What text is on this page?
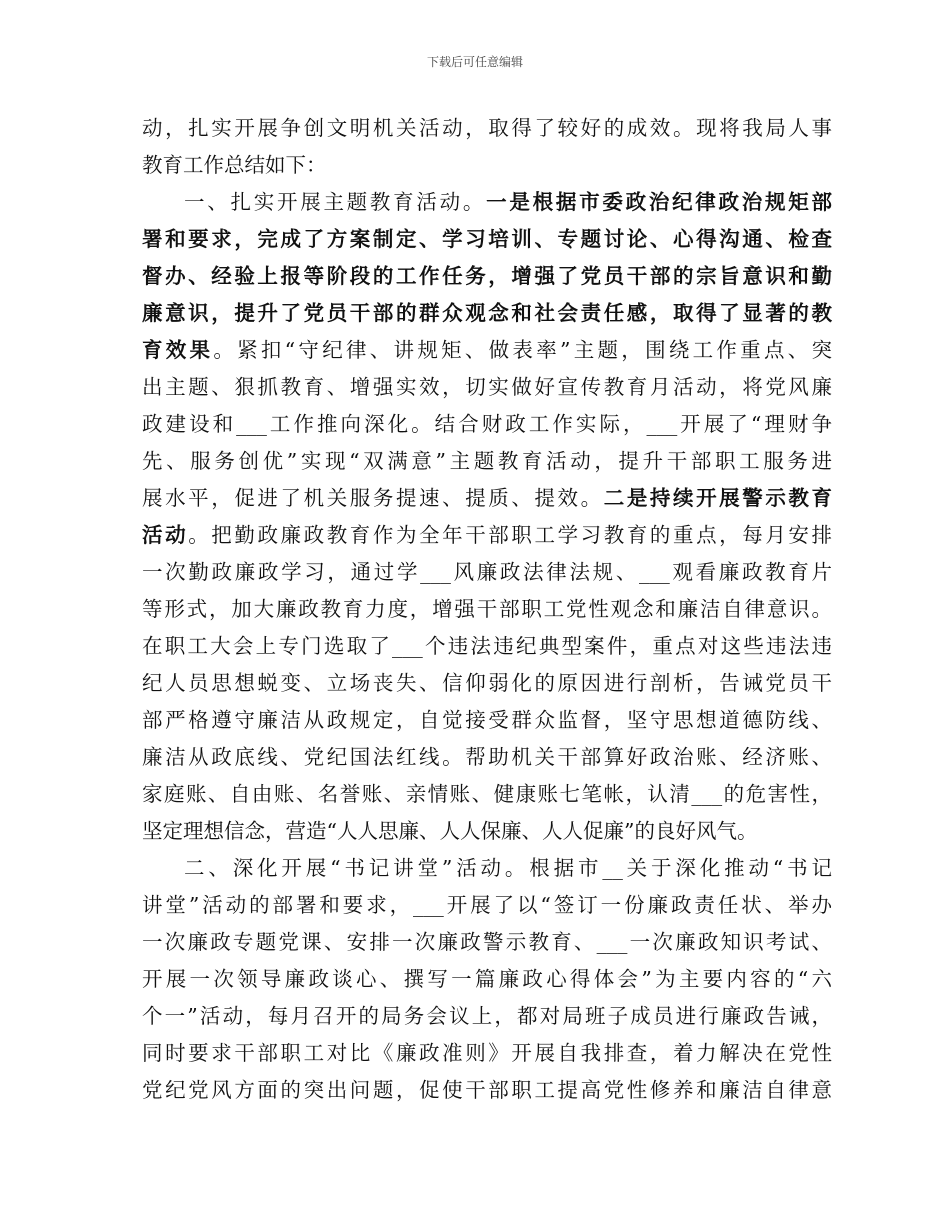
下载后可任意编辑
动，扎实开展争创文明机关活动，取得了较好的成效。现将我局人事
教育工作总结如下：
一、扎实开展主题教育活动。一是根据市委政治纪律政治规矩部
署和要求，完成了方案制定、学习培训、专题讨论、心得沟通、检查
督办、经验上报等阶段的工作任务，增强了党员干部的宗旨意识和勤
廉意识，提升了党员干部的群众观念和社会责任感，取得了显著的教
育效果。紧扣“守纪律、讲规矩、做表率”主题，围绕工作重点、突
出主题、狠抓教育、增强实效，切实做好宣传教育月活动，将党风廉
政建设和___工作推向深化。结合财政工作实际，___开展了“理财争
先、服务创优”实现“双满意”主题教育活动，提升干部职工服务进
展水平，促进了机关服务提速、提质、提效。二是持续开展警示教育
活动。把勤政廉政教育作为全年干部职工学习教育的重点，每月安排
一次勤政廉政学习，通过学___风廉政法律法规、___观看廉政教育片
等形式，加大廉政教育力度，增强干部职工党性观念和廉洁自律意识。
在职工大会上专门选取了___个违法违纪典型案件，重点对这些违法违
纪人员思想蜕变、立场丧失、信仰弱化的原因进行剖析，告诫党员干
部严格遵守廉洁从政规定，自觉接受群众监督，坚守思想道德防线、
廉洁从政底线、党纪国法红线。帮助机关干部算好政治账、经济账、
家庭账、自由账、名誉账、亲情账、健康账七笔帐，认清___的危害性，
坚定理想信念，营造“人人思廉、人人保廉、人人促廉”的良好风气。
二、深化开展“书记讲堂”活动。根据市__关于深化推动“书记
讲堂”活动的部署和要求，___开展了以“签订一份廉政责任状、举办
一次廉政专题党课、安排一次廉政警示教育、___一次廉政知识考试、
开展一次领导廉政谈心、撰写一篇廉政心得体会”为主要内容的“六
个一”活动，每月召开的局务会议上，都对局班子成员进行廉政告诫，
同时要求干部职工对比《廉政准则》开展自我排查，着力解决在党性
党纪党风方面的突出问题，促使干部职工提高党性修养和廉洁自律意
